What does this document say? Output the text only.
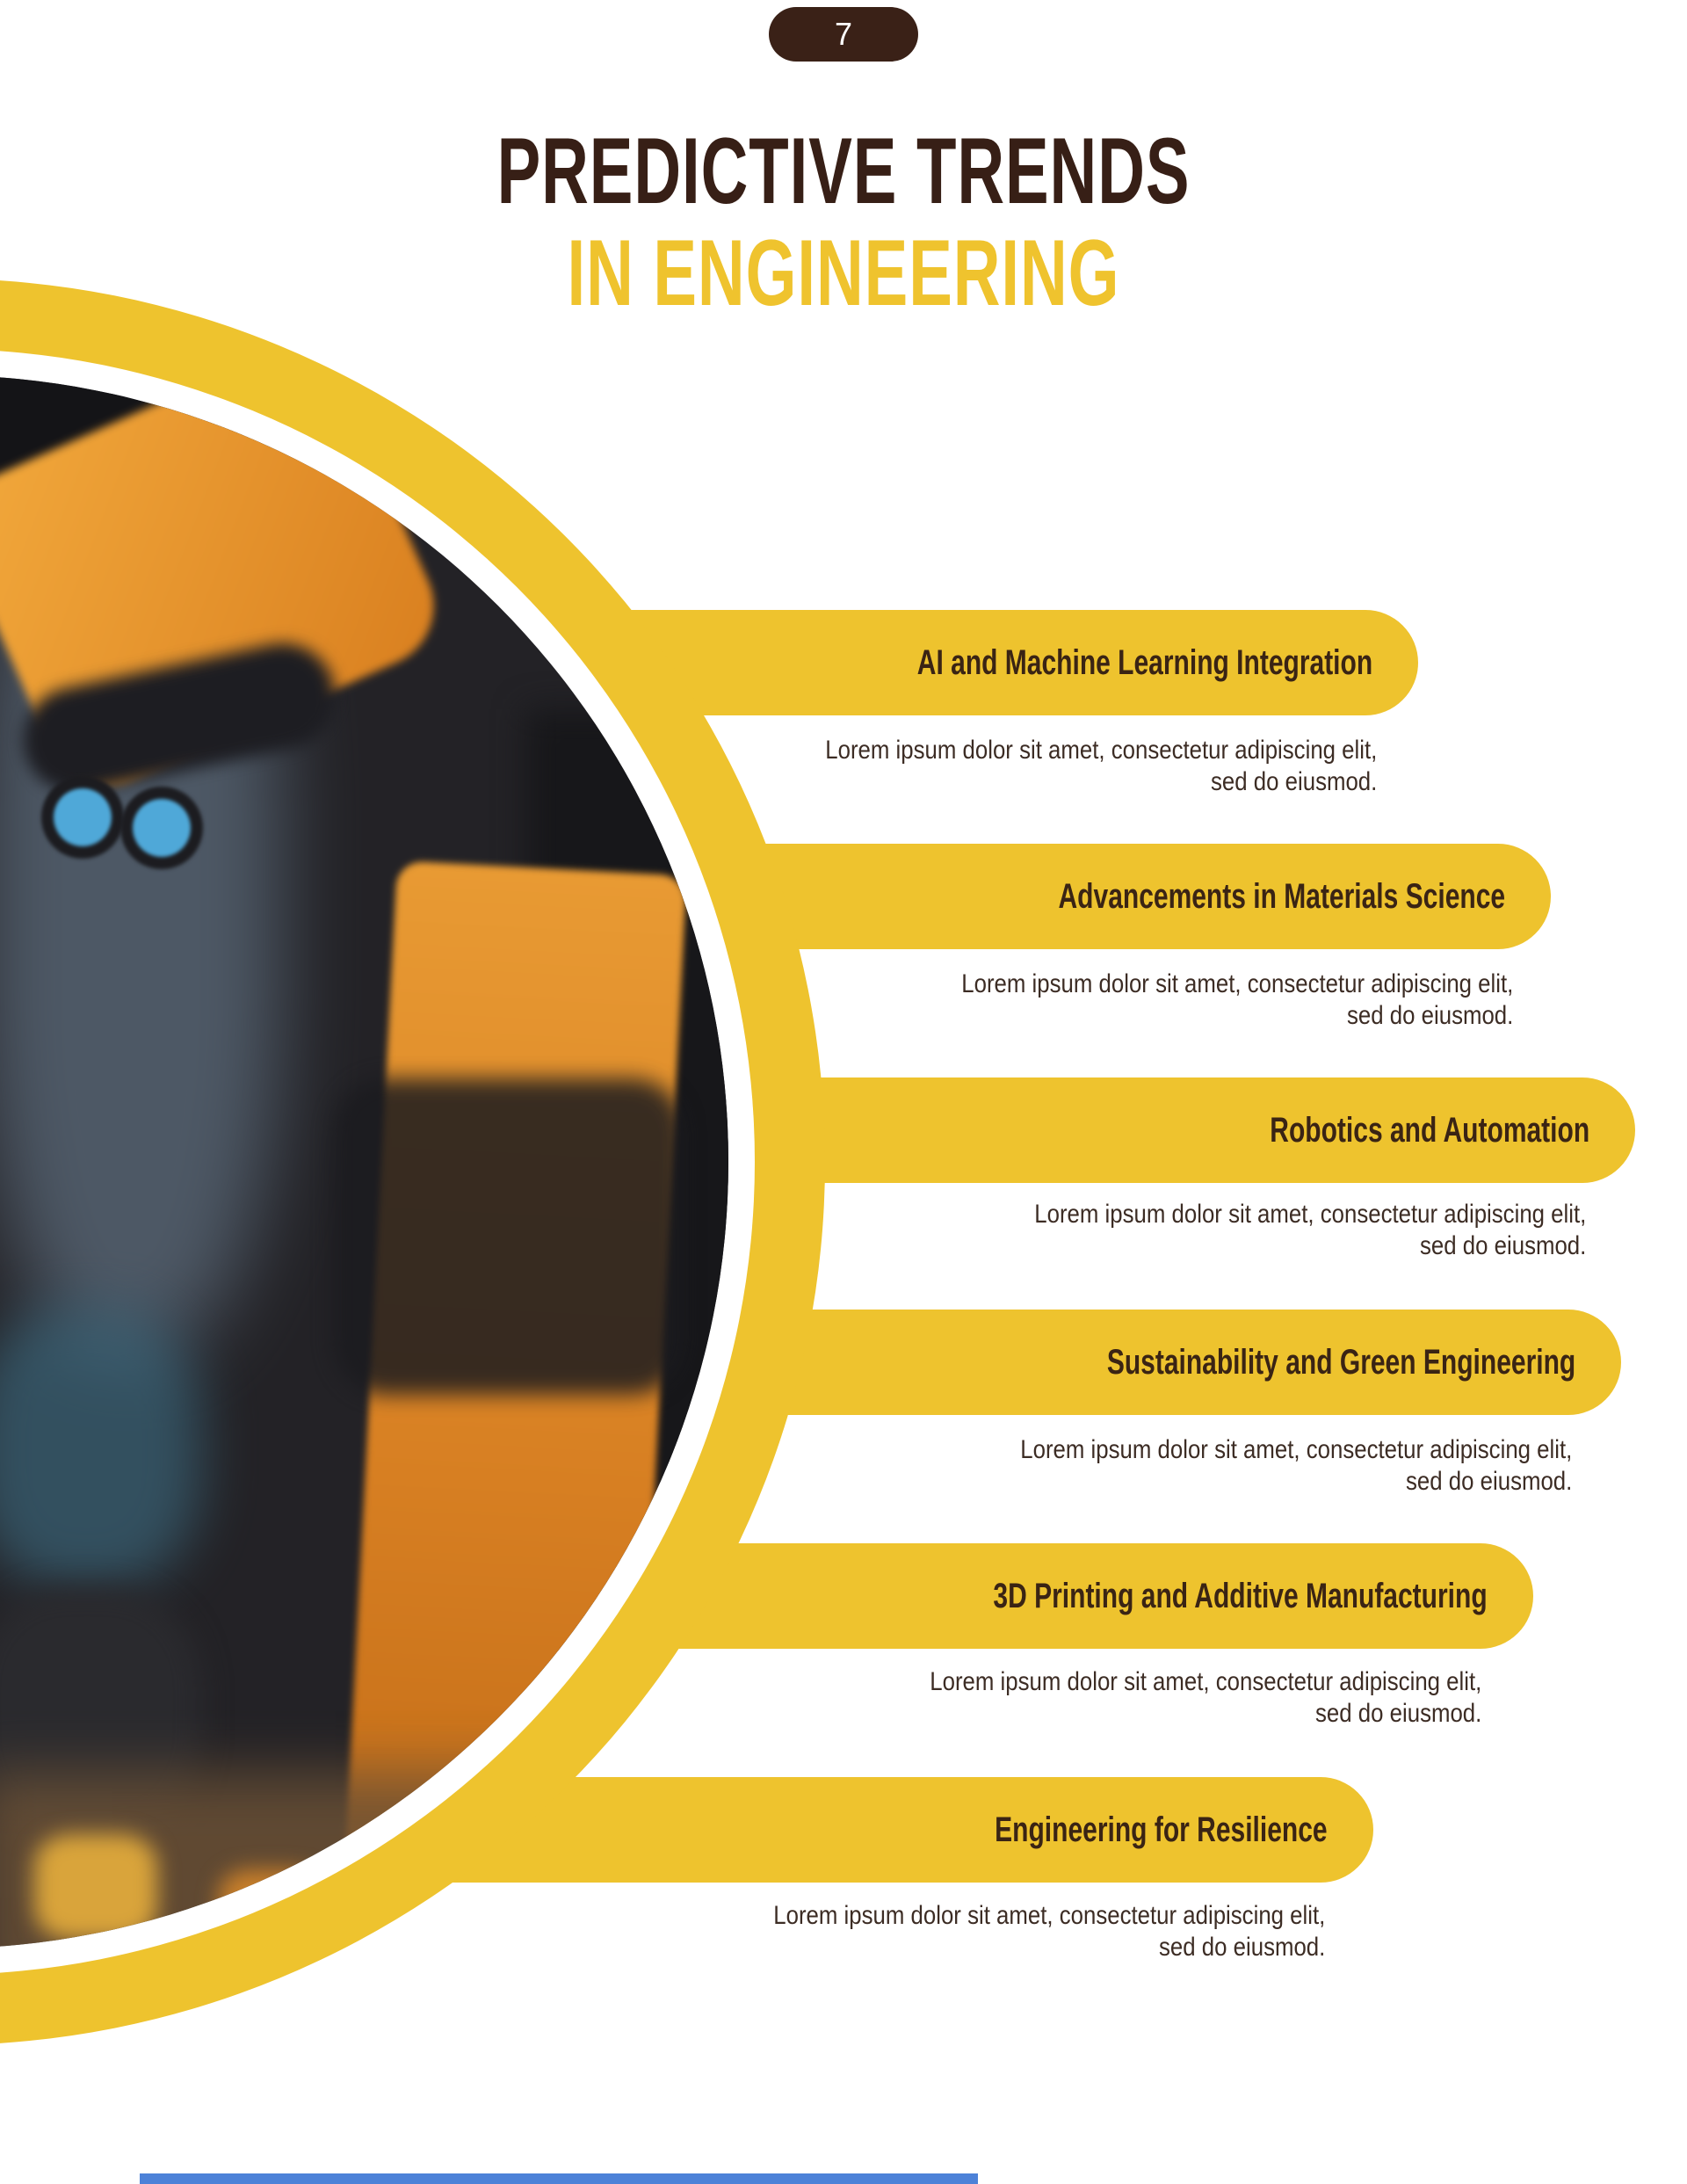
AI and Machine Learning Integration
Lorem ipsum dolor sit amet, consectetur adipiscing elit,
sed do eiusmod.
Advancements in Materials Science
Lorem ipsum dolor sit amet, consectetur adipiscing elit,
sed do eiusmod.
Robotics and Automation
Lorem ipsum dolor sit amet, consectetur adipiscing elit,
sed do eiusmod.
Sustainability and Green Engineering
Lorem ipsum dolor sit amet, consectetur adipiscing elit,
sed do eiusmod.
3D Printing and Additive Manufacturing
Lorem ipsum dolor sit amet, consectetur adipiscing elit,
sed do eiusmod.
Engineering for Resilience
Lorem ipsum dolor sit amet, consectetur adipiscing elit,
sed do eiusmod.
7
PREDICTIVE TRENDS
IN ENGINEERING
